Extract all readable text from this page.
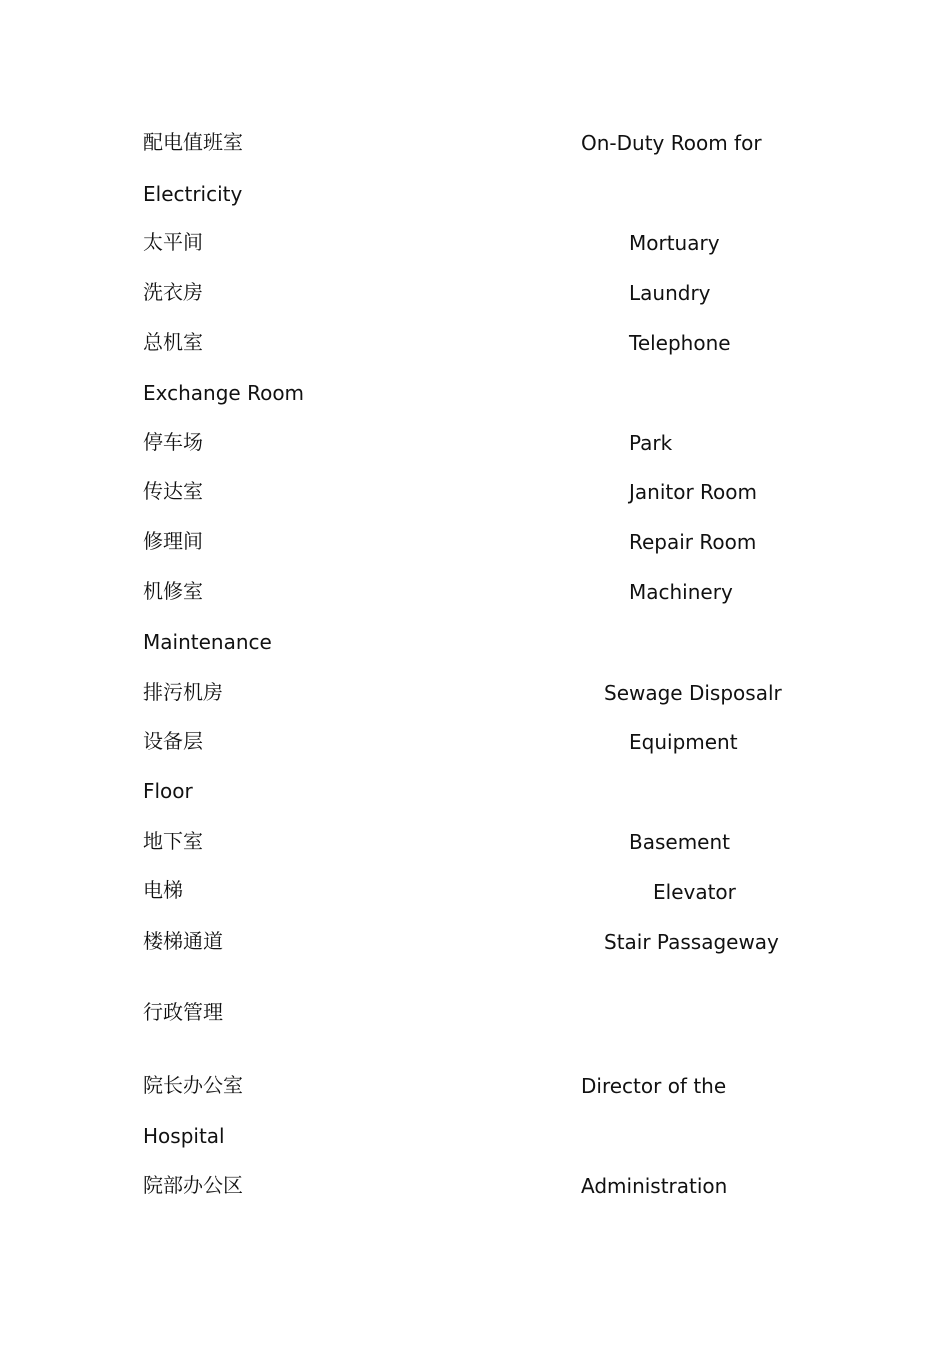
配电值班室	On-Duty Room for
Electricity
太平间	Mortuary
洗衣房	Laundry
总机室	Telephone
Exchange Room
停车场	Park
传达室	Janitor Room
修理间	Repair Room
机修室	Machinery
Maintenance
排污机房	Sewage Disposalr
设备层	Equipment
Floor
地下室	Basement
电梯	Elevator
楼梯通道	Stair Passageway
行政管理
院长办公室	Director of the
Hospital
院部办公区	Administration
